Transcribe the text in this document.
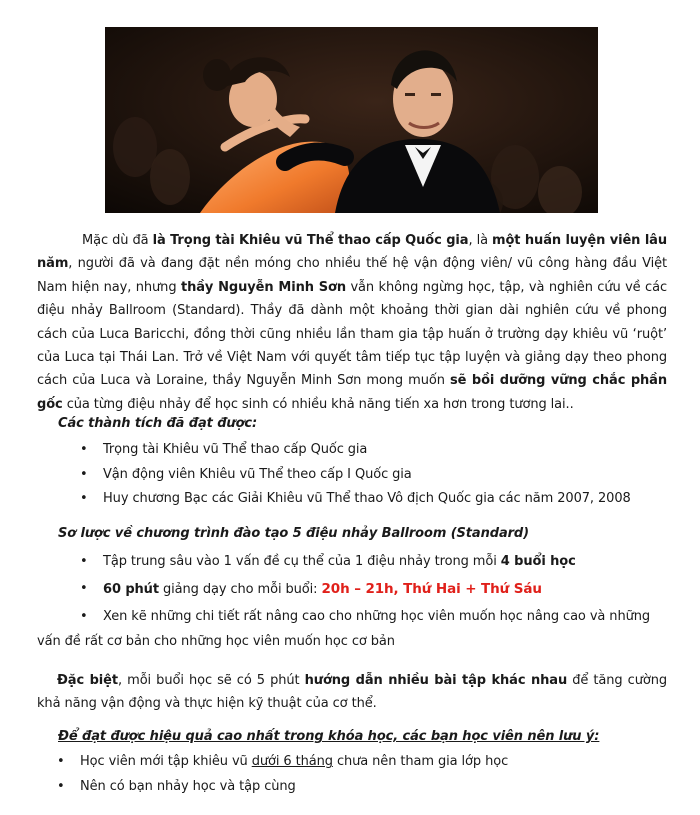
Mặc dù đã là Trọng tài Khiêu vũ Thể thao cấp Quốc gia, là một huấn luyện viên lâu năm, người đã và đang đặt nền móng cho nhiều thế hệ vận động viên/ vũ công hàng đầu Việt Nam hiện nay, nhưng thầy Nguyễn Minh Sơn vẫn không ngừng học, tập, và nghiên cứu về các điệu nhảy Ballroom (Standard). Thầy đã dành một khoảng thời gian dài nghiên cứu về phong cách của Luca Baricchi, đồng thời cũng nhiều lần tham gia tập huấn ở trường dạy khiêu vũ ‘ruột’ của Luca tại Thái Lan. Trở về Việt Nam với quyết tâm tiếp tục tập luyện và giảng dạy theo phong cách của Luca và Loraine, thầy Nguyễn Minh Sơn mong muốn sẽ bồi dưỡng vững chắc phần gốc của từng điệu nhảy để học sinh có nhiều khả năng tiến xa hơn trong tương lai..
Các thành tích đã đạt được:
• Trọng tài Khiêu vũ Thể thao cấp Quốc gia
• Vận động viên Khiêu vũ Thể theo cấp I Quốc gia
• Huy chương Bạc các Giải Khiêu vũ Thể thao Vô địch Quốc gia các năm 2007, 2008
Sơ lược về chương trình đào tạo 5 điệu nhảy Ballroom (Standard)
• Tập trung sâu vào 1 vấn đề cụ thể của 1 điệu nhảy trong mỗi 4 buổi học
• 60 phút giảng dạy cho mỗi buổi: 20h – 21h, Thứ Hai + Thứ Sáu
• Xen kẽ những chi tiết rất nâng cao cho những học viên muốn học nâng cao và những vấn đề rất cơ bản cho những học viên muốn học cơ bản
Đặc biệt, mỗi buổi học sẽ có 5 phút hướng dẫn nhiều bài tập khác nhau để tăng cường khả năng vận động và thực hiện kỹ thuật của cơ thể.
Để đạt được hiệu quả cao nhất trong khóa học, các bạn học viên nên lưu ý:
• Học viên mới tập khiêu vũ dưới 6 tháng chưa nên tham gia lớp học
• Nên có bạn nhảy học và tập cùng
